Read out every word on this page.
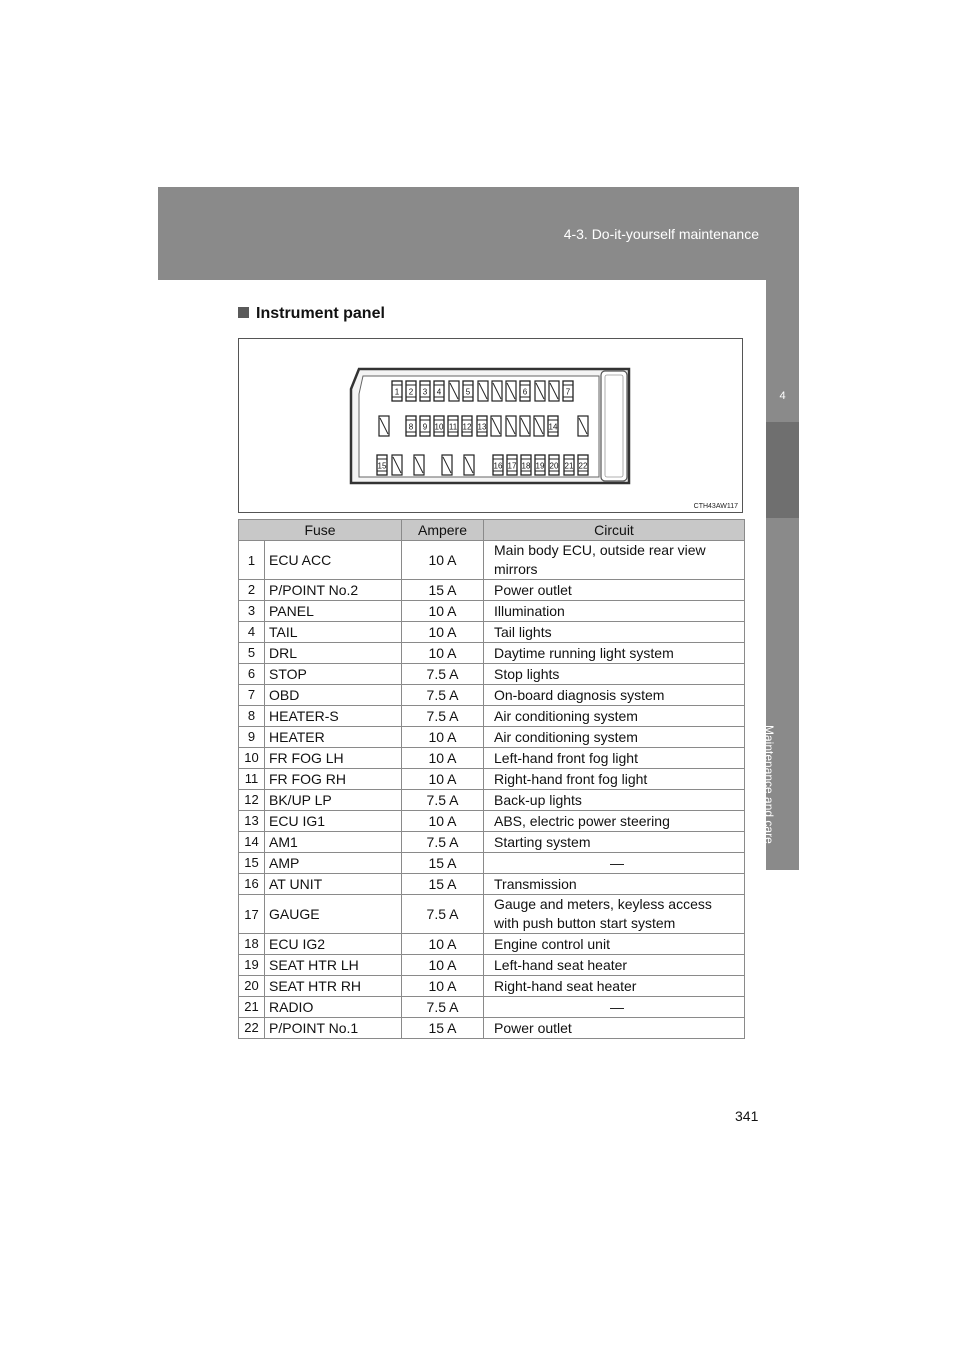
4-3. Do-it-yourself maintenance
4
Maintenance and care
Instrument panel
1 2 3 4	5	6	7
8 9 10 11 12 13	14
15	16 17 18 19 20 21 22
CTH43AW117
Fuse		Ampere	Circuit
1	ECU ACC	10 A	Main body ECU, outside rear view mirrors
2	P/POINT No.2	15 A	Power outlet
3	PANEL	10 A	Illumination
4	TAIL	10 A	Tail lights
5	DRL	10 A	Daytime running light system
6	STOP	7.5 A	Stop lights
7	OBD	7.5 A	On-board diagnosis system
8	HEATER-S	7.5 A	Air conditioning system
9	HEATER	10 A	Air conditioning system
10	FR FOG LH	10 A	Left-hand front fog light
11	FR FOG RH	10 A	Right-hand front fog light
12	BK/UP LP	7.5 A	Back-up lights
13	ECU IG1	10 A	ABS, electric power steering
14	AM1	7.5 A	Starting system
15	AMP	15 A	—
16	AT UNIT	15 A	Transmission
17	GAUGE	7.5 A	Gauge and meters, keyless access with push button start system
18	ECU IG2	10 A	Engine control unit
19	SEAT HTR LH	10 A	Left-hand seat heater
20	SEAT HTR RH	10 A	Right-hand seat heater
21	RADIO	7.5 A	—
22	P/POINT No.1	15 A	Power outlet
341
